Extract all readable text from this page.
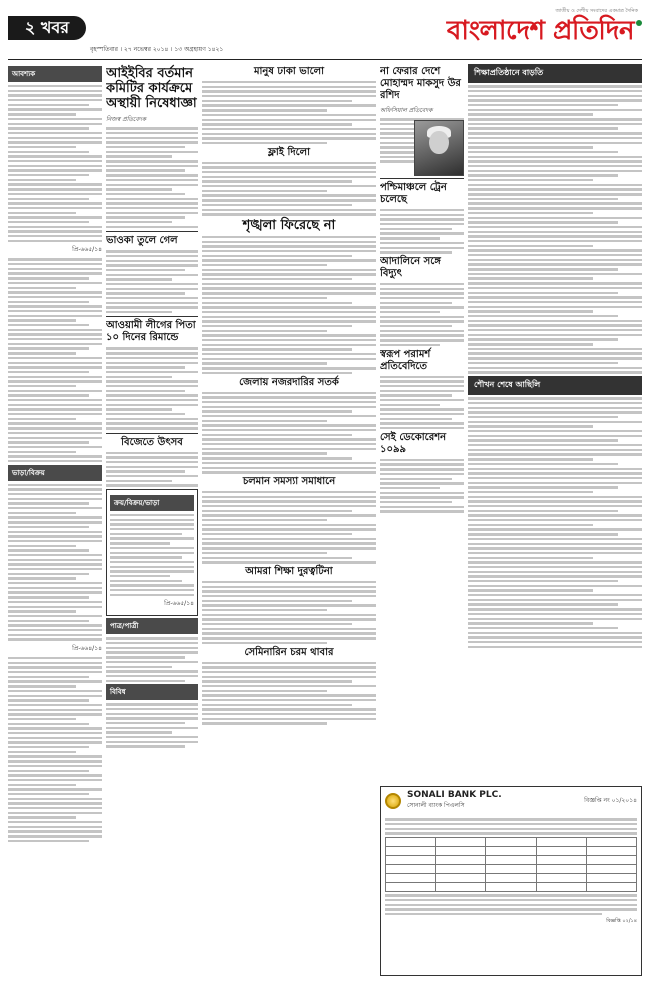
২
খবর
বৃহস্পতিবার । ২৭ নভেম্বর ২০১৪ । ১৩ অগ্রহায়ণ ১৪২১
জাতীয় ও দেশীয় সংবাদের একমাত্র দৈনিক
বাংলাদেশ প্রতিদিন
আবশ্যক
প্রি-৬৬৫/১৪
ভাড়া/বিক্রয়
প্রি-৬৬৪/১৪
আইইবির বর্তমান কমিটির কার্যক্রমে অস্থায়ী নিষেধাজ্ঞা
নিজস্ব প্রতিবেদক
ভাওকা তুলে গেল
আওয়ামী লীগের পিতা ১০ দিনের রিমান্ডে
বিজেতে উৎসব
ক্রয়/বিক্রয়/ভাড়া
প্রি-৬৬৫/১৪
পাত্র/পাত্রী
বিবিধ
মানুষ ঢাকা ভালো
ফ্লাই দিলো
শৃঙ্খলা ফিরেছে না
জেলায় নজরদারির সতর্ক
চলমান সমস্যা সমাধানে
আমরা শিক্ষা দুরত্বটিনা
সেমিনারিন চরম থাবার
না ফেরার দেশে মোহাম্মদ মাকসুদ উর রশিদ
অফিসিয়াল প্রতিবেদক
পশ্চিমাঞ্চলে ট্রেন চলেছে
আদালিনে সঙ্গে বিদ্যুৎ
স্বরূপ পরামর্শ প্রতিবেদিতে
সেই ডেকোরেশন ১০৯৯
শিক্ষাপ্রতিষ্ঠানে বাড়তি
শৌখন শেষে আছিলি
SONALI BANK PLC.
সোনালী ব্যাংক পিএলসি
বিজ্ঞপ্তি নং ০১/২০১৪

বিজ্ঞপ্তি ০২/১৪
